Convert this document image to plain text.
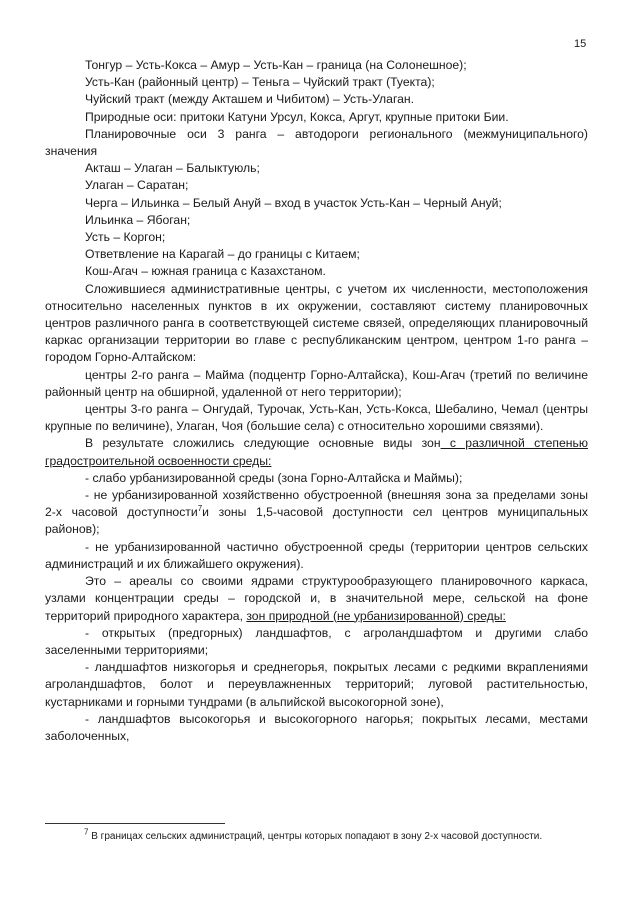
15

Тонгур – Усть-Кокса – Амур – Усть-Кан – граница (на Солонешное);

Усть-Кан (районный центр) – Теньга – Чуйский тракт (Туекта);

Чуйский тракт (между Акташем и Чибитом) – Усть-Улаган.

Природные оси: притоки Катуни Урсул, Кокса, Аргут, крупные притоки Бии.

Планировочные оси 3 ранга – автодороги регионального (межмуниципального) значения

Акташ – Улаган – Балыктуюль;

Улаган – Саратан;

Черга – Ильинка – Белый Ануй – вход в участок Усть-Кан – Черный Ануй;

Ильинка – Ябоган;

Усть – Коргон;

Ответвление на Карагай – до границы с Китаем;

Кош-Агач – южная граница с Казахстаном.

Сложившиеся административные центры, с учетом их численности, местоположения относительно населенных пунктов в их окружении, составляют систему планировочных центров различного ранга в соответствующей системе связей, определяющих планировочный каркас организации территории во главе с республиканским центром, центром 1-го ранга – городом Горно-Алтайском:

центры 2-го ранга – Майма (подцентр Горно-Алтайска), Кош-Агач (третий по величине районный центр на обширной, удаленной от него территории);

центры 3-го ранга – Онгудай, Турочак, Усть-Кан, Усть-Кокса, Шебалино, Чемал (центры крупные по величине), Улаган, Чоя (большие села) с относительно хорошими связями).

В результате сложились следующие основные виды зон с различной степенью градостроительной освоенности среды:

- слабо урбанизированной среды (зона Горно-Алтайска и Маймы);

- не урбанизированной хозяйственно обустроенной (внешняя зона за пределами зоны 2-х часовой доступности$^7$и зоны 1,5-часовой доступности сел центров муниципальных районов);

- не урбанизированной частично обустроенной среды (территории центров сельских администраций и их ближайшего окружения).

Это – ареалы со своими ядрами структурообразующего планировочного каркаса, узлами концентрации среды – городской и, в значительной мере, сельской на фоне территорий природного характера, зон природной (не урбанизированной) среды:

- открытых (предгорных) ландшафтов, с агроландшафтом и другими слабо заселенными территориями;

- ландшафтов низкогорья и среднегорья, покрытых лесами с редкими вкраплениями агроландшафтов, болот и переувлажненных территорий; луговой растительностью, кустарниками и горными тундрами (в альпийской высокогорной зоне),

- ландшафтов высокогорья и высокогорного нагорья; покрытых лесами, местами заболоченных,

$^7$ В границах сельских администраций, центры которых попадают в зону 2-х часовой доступности.
